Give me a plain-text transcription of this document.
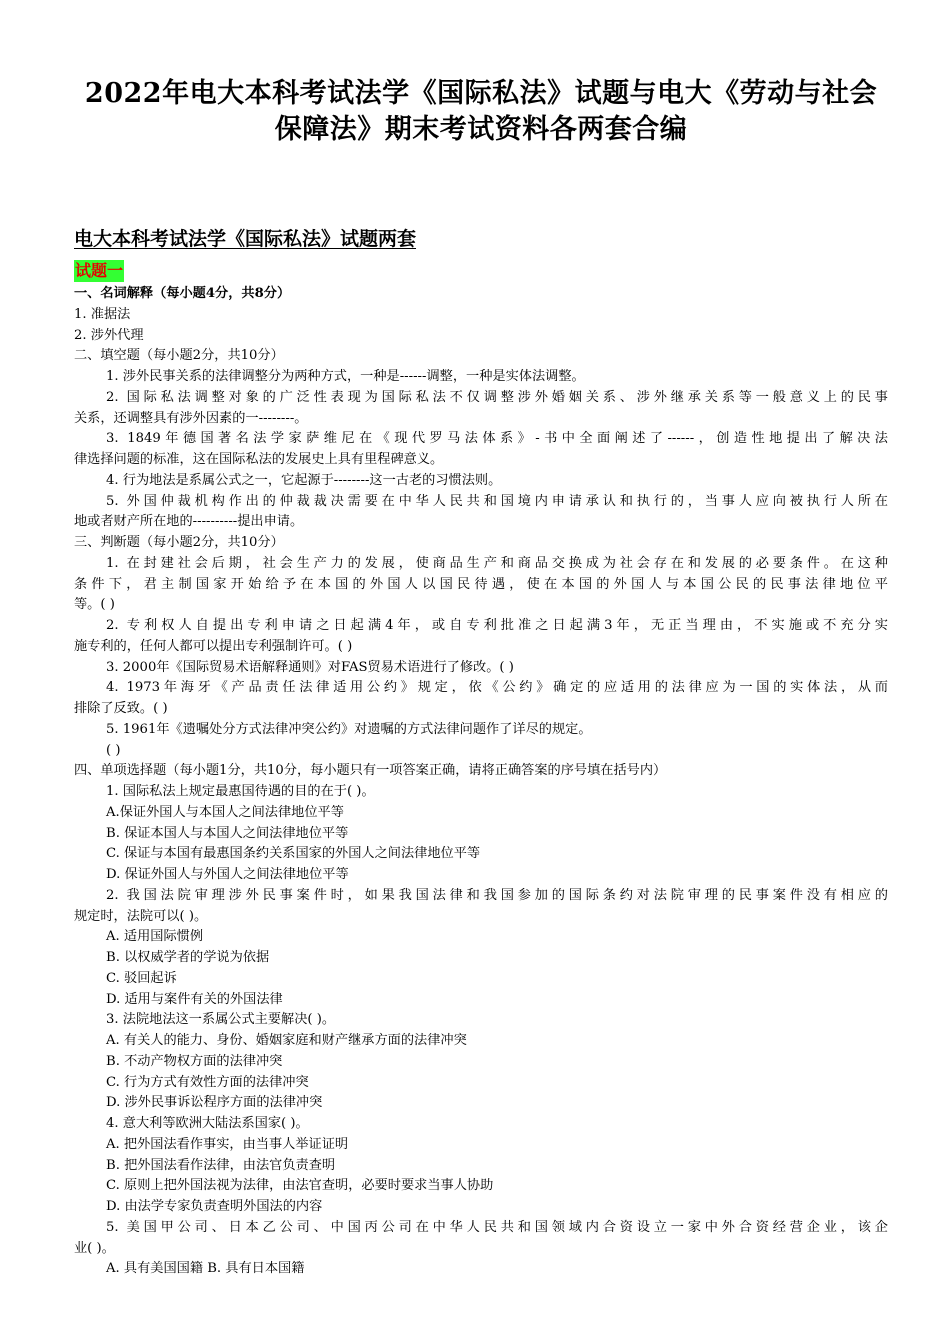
2022年电大本科考试法学《国际私法》试题与电大《劳动与社会
保障法》期末考试资料各两套合编
电大本科考试法学《国际私法》试题两套
试题一
一、名词解释（每小题4分，共8分）
1. 准据法
2. 涉外代理
二、填空题（每小题2分，共10分）
1. 涉外民事关系的法律调整分为两种方式，一种是------调整，一种是实体法调整。
2. 国际私法调整对象的广泛性表现为国际私法不仅调整涉外婚姻关系、涉外继承关系等一般意义上的民事
关系，还调整具有涉外因素的一--------。
3. 1849年德国著名法学家萨维尼在《现代罗马法体系》-书中全面阐述了------，创造性地提出了解决法
律选择问题的标准，这在国际私法的发展史上具有里程碑意义。
4. 行为地法是系属公式之一，它起源于--------这一古老的习惯法则。
5. 外国仲裁机构作出的仲裁裁决需要在中华人民共和国境内申请承认和执行的，当事人应向被执行人所在
地或者财产所在地的----------提出申请。
三、判断题（每小题2分，共10分）
1. 在封建社会后期，社会生产力的发展，使商品生产和商品交换成为社会存在和发展的必要条件。在这种
条件下，君主制国家开始给予在本国的外国人以国民待遇，使在本国的外国人与本国公民的民事法律地位平
等。( )
2. 专利权人自提出专利申请之日起满4年，或自专利批准之日起满3年，无正当理由，不实施或不充分实
施专利的，任何人都可以提出专利强制许可。( )
3. 2000年《国际贸易术语解释通则》对FAS贸易术语进行了修改。( )
4. 1973年海牙《产品责任法律适用公约》规定，依《公约》确定的应适用的法律应为一国的实体法，从而
排除了反致。( )
5. 1961年《遗嘱处分方式法律冲突公约》对遗嘱的方式法律问题作了详尽的规定。
( )
四、单项选择题（每小题1分，共10分，每小题只有一项答案正确，请将正确答案的序号填在括号内）
1. 国际私法上规定最惠国待遇的目的在于( )。
A.保证外国人与本国人之间法律地位平等
B. 保证本国人与本国人之间法律地位平等
C. 保证与本国有最惠国条约关系国家的外国人之间法律地位平等
D. 保证外国人与外国人之间法律地位平等
2. 我国法院审理涉外民事案件时，如果我国法律和我国参加的国际条约对法院审理的民事案件没有相应的
规定时，法院可以( )。
A. 适用国际惯例
B. 以权威学者的学说为依据
C. 驳回起诉
D. 适用与案件有关的外国法律
3. 法院地法这一系属公式主要解决( )。
A. 有关人的能力、身份、婚姻家庭和财产继承方面的法律冲突
B. 不动产物权方面的法律冲突
C. 行为方式有效性方面的法律冲突
D. 涉外民事诉讼程序方面的法律冲突
4. 意大利等欧洲大陆法系国家( )。
A. 把外国法看作事实，由当事人举证证明
B. 把外国法看作法律，由法官负责查明
C. 原则上把外国法视为法律，由法官查明，必要时要求当事人协助
D. 由法学专家负责查明外国法的内容
5. 美国甲公司、日本乙公司、中国丙公司在中华人民共和国领域内合资设立一家中外合资经营企业，该企
业( )。
A. 具有美国国籍 B. 具有日本国籍
